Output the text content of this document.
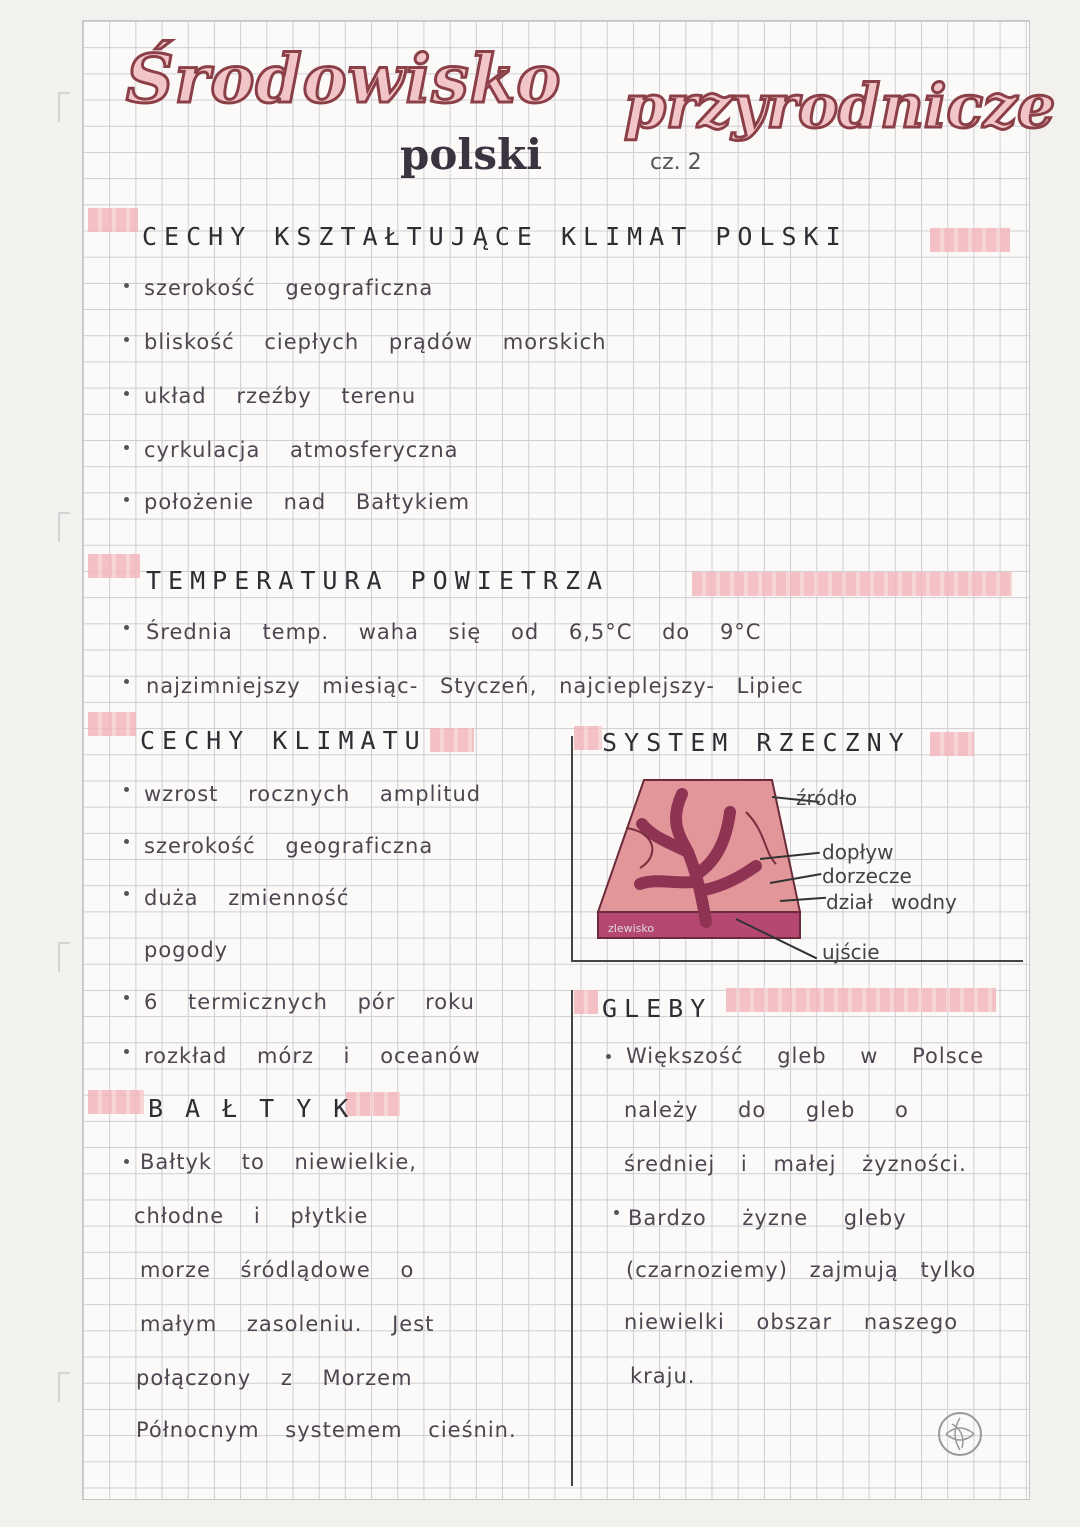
Środowisko przyrodnicze
polski	cz. 2
CECHY KSZTAŁTUJĄCE KLIMAT POLSKI
szerokość geograficzna
bliskość ciepłych prądów morskich
układ rzeźby terenu
cyrkulacja atmosferyczna
położenie nad Bałtykiem
TEMPERATURA POWIETRZA
Średnia temp. waha się od 6,5°C do 9°C
najzimniejszy miesiąc- Styczeń, najcieplejszy- Lipiec
CECHY KLIMATU
wzrost rocznych amplitud
szerokość geograficzna
duża zmienność
pogody
6 termicznych pór roku
rozkład mórz i oceanów
SYSTEM RZECZNY
zlewisko
źródło
dopływ
dorzecze
dział wodny
ujście
BAŁTYK
Bałtyk to niewielkie,
chłodne i płytkie
morze śródlądowe o
małym zasoleniu. Jest
połączony z Morzem
Północnym systemem cieśnin.
GLEBY
Większość gleb w Polsce
należy do gleb o
średniej i małej żyzności.
Bardzo żyzne gleby
(czarnoziemy) zajmują tylko
niewielki obszar naszego
kraju.
